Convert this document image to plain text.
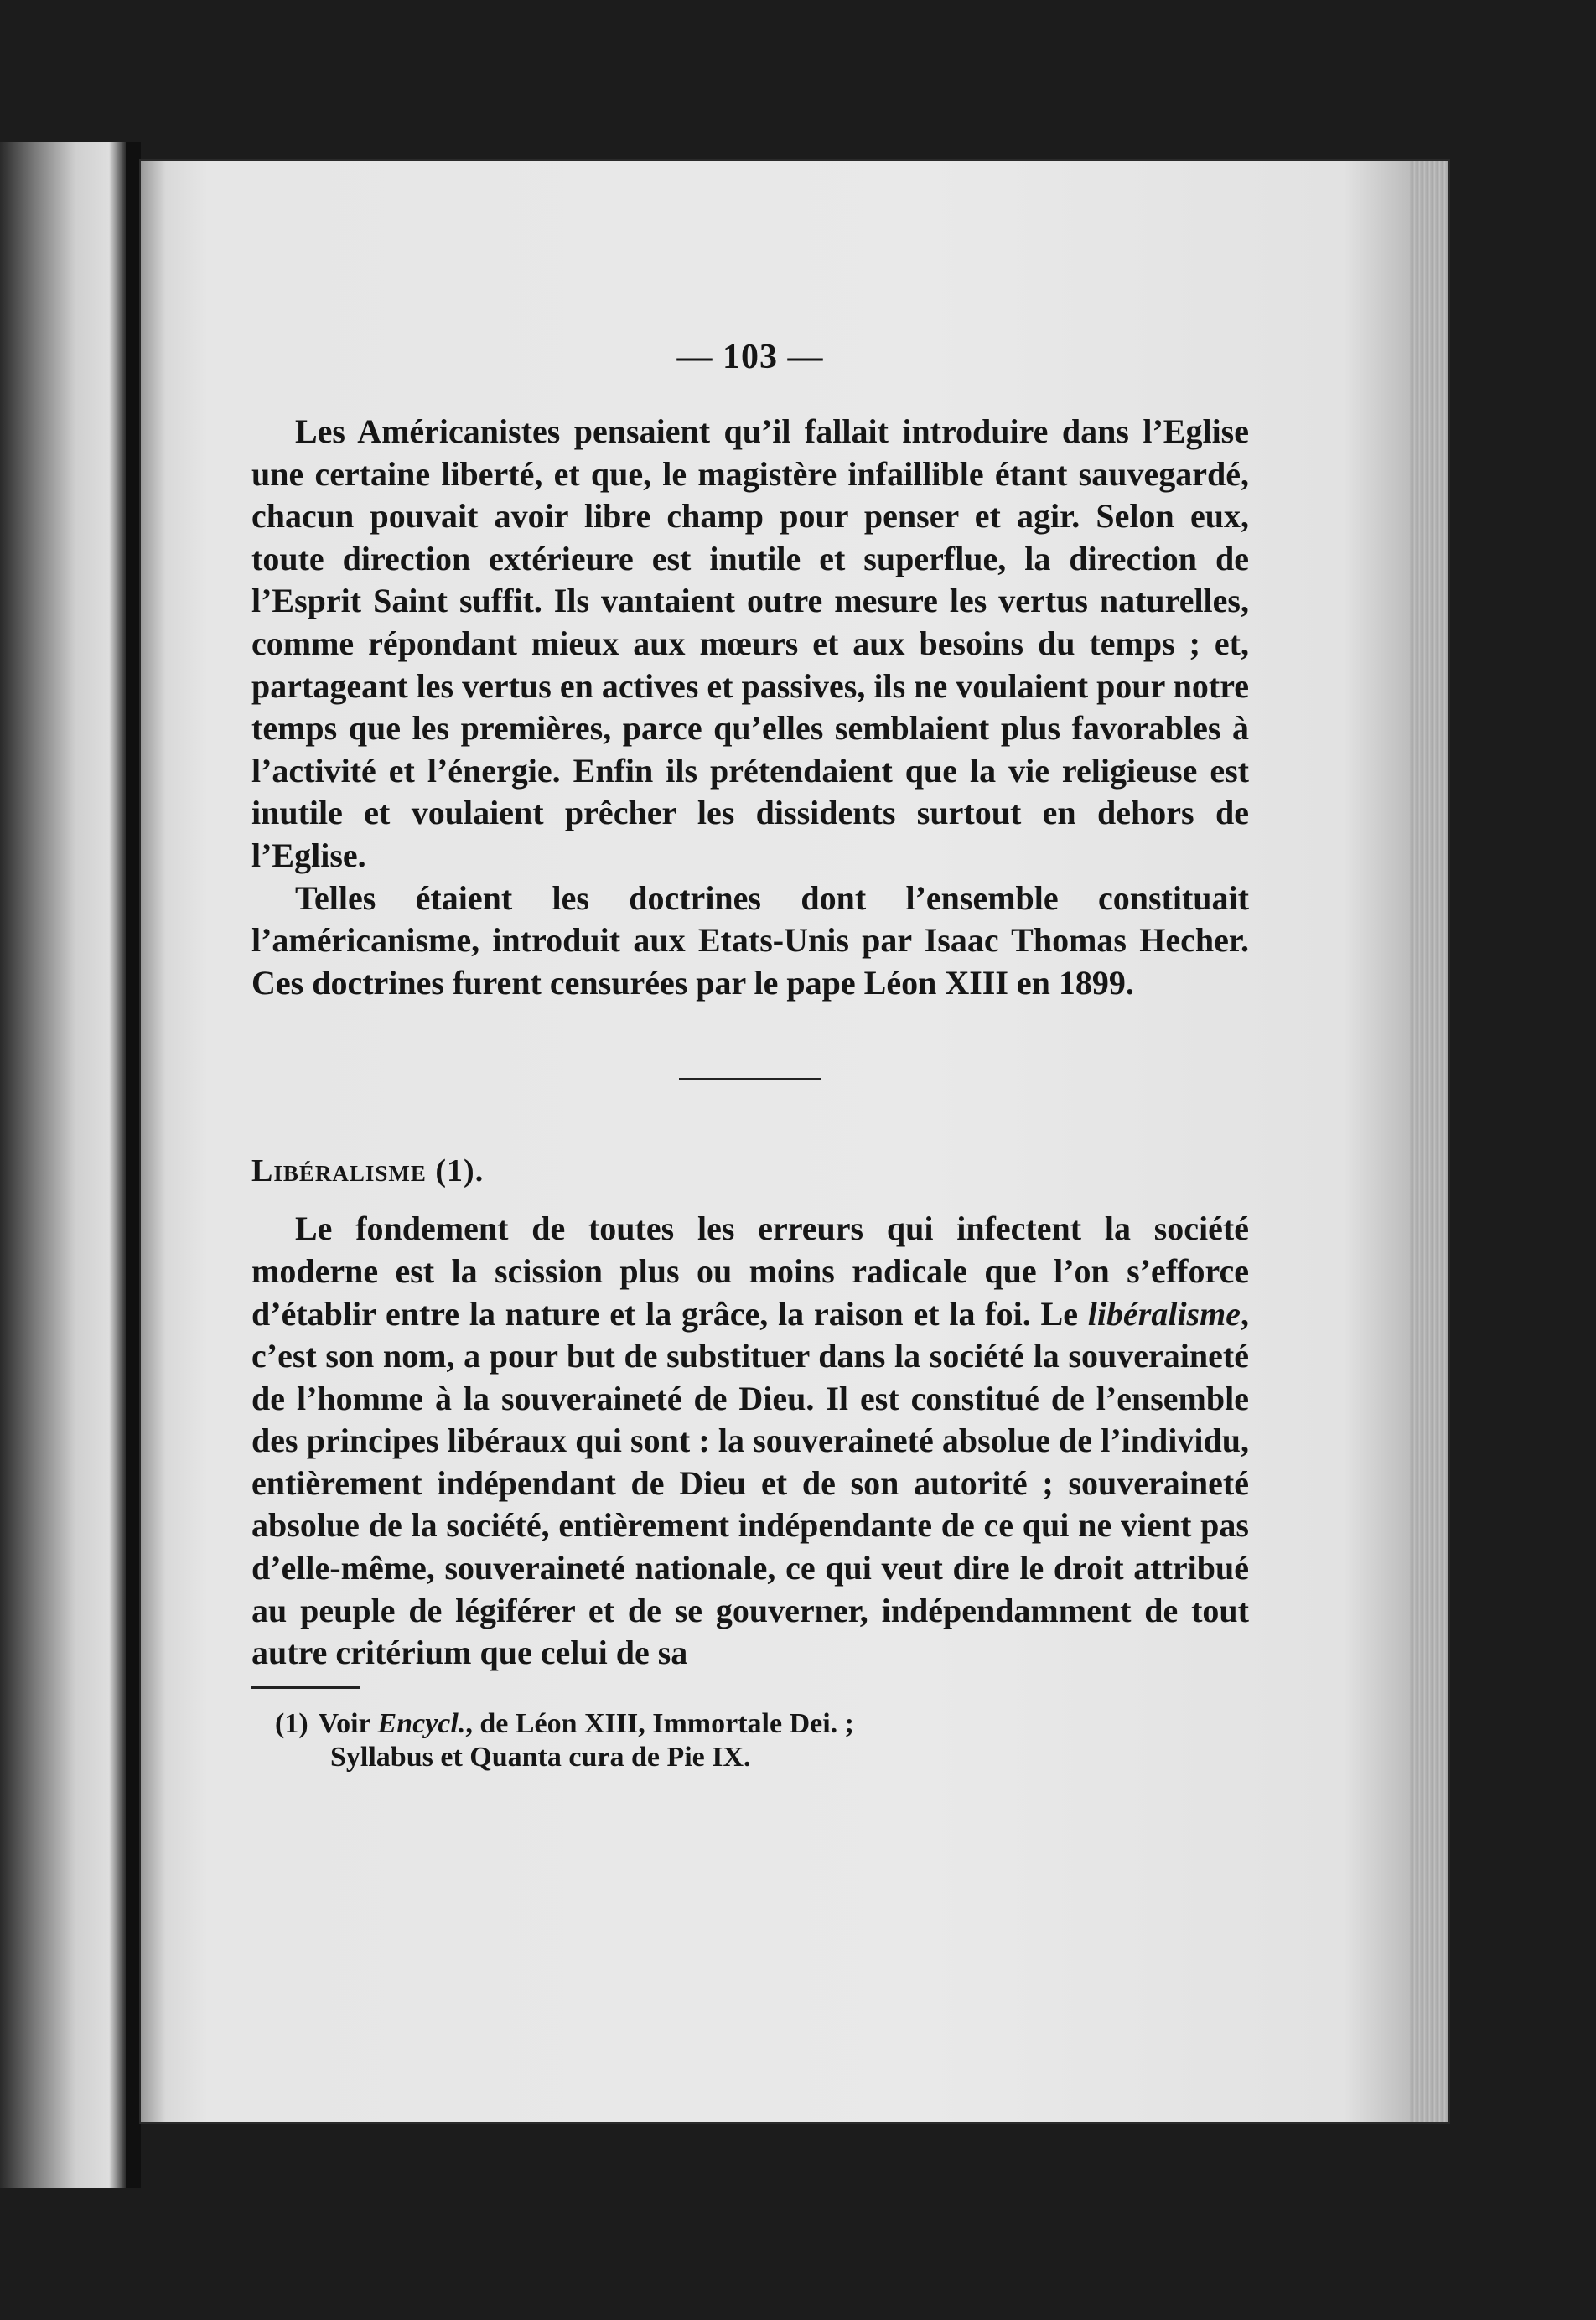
— 103 —

Les Américanistes pensaient qu’il fallait introduire dans l’Eglise une certaine liberté, et que, le magistère infaillible étant sauvegardé, chacun pouvait avoir libre champ pour penser et agir. Selon eux, toute direction extérieure est inutile et superflue, la direction de l’Esprit Saint suffit. Ils vantaient outre mesure les vertus naturelles, comme répondant mieux aux mœurs et aux besoins du temps ; et, partageant les vertus en actives et passives, ils ne voulaient pour notre temps que les premières, parce qu’elles semblaient plus favorables à l’activité et l’énergie. Enfin ils prétendaient que la vie religieuse est inutile et voulaient prêcher les dissidents surtout en dehors de l’Eglise.

Telles étaient les doctrines dont l’ensemble constituait l’américanisme, introduit aux Etats-Unis par Isaac Thomas Hecher. Ces doctrines furent censurées par le pape Léon XIII en 1899.

Libéralisme (1).

Le fondement de toutes les erreurs qui infectent la société moderne est la scission plus ou moins radicale que l’on s’efforce d’établir entre la nature et la grâce, la raison et la foi. Le libéralisme, c’est son nom, a pour but de substituer dans la société la souveraineté de l’homme à la souveraineté de Dieu. Il est constitué de l’ensemble des principes libéraux qui sont : la souveraineté absolue de l’individu, entièrement indépendant de Dieu et de son autorité ; souveraineté absolue de la société, entièrement indépendante de ce qui ne vient pas d’elle-même, souveraineté nationale, ce qui veut dire le droit attribué au peuple de légiférer et de se gouverner, indépendamment de tout autre critérium que celui de sa

(1) Voir Encycl., de Léon XIII, Immortale Dei. ;
Syllabus et Quanta cura de Pie IX.
